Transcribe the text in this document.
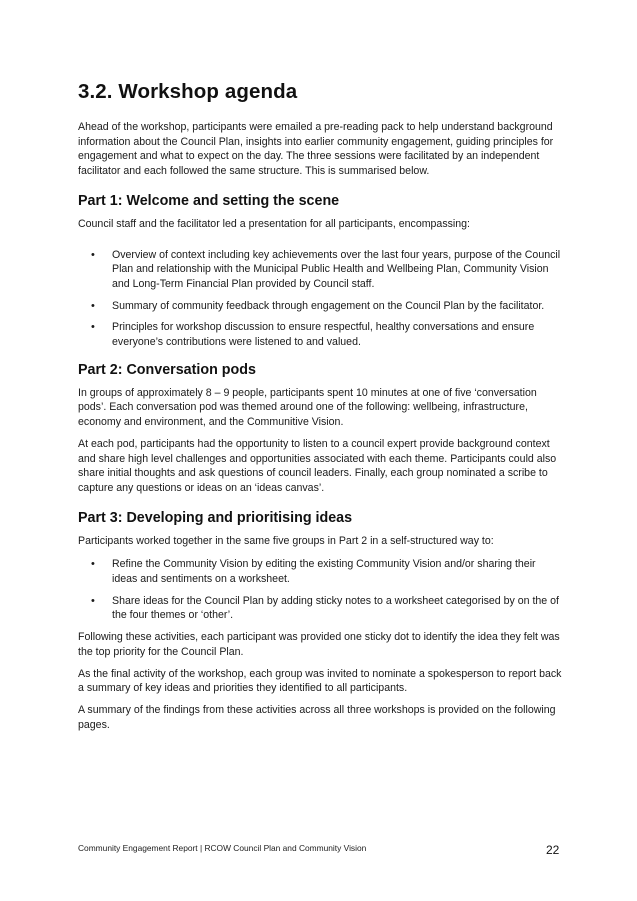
3.2. Workshop agenda

Ahead of the workshop, participants were emailed a pre-reading pack to help understand background information about the Council Plan, insights into earlier community engagement, guiding principles for engagement and what to expect on the day. The three sessions were facilitated by an independent facilitator and each followed the same structure. This is summarised below.

Part 1: Welcome and setting the scene

Council staff and the facilitator led a presentation for all participants, encompassing:

• Overview of context including key achievements over the last four years, purpose of the Council Plan and relationship with the Municipal Public Health and Wellbeing Plan, Community Vision and Long-Term Financial Plan provided by Council staff.
• Summary of community feedback through engagement on the Council Plan by the facilitator.
• Principles for workshop discussion to ensure respectful, healthy conversations and ensure everyone’s contributions were listened to and valued.
Part 2: Conversation pods

In groups of approximately 8 – 9 people, participants spent 10 minutes at one of five ‘conversation pods’. Each conversation pod was themed around one of the following: wellbeing, infrastructure, economy and environment, and the Communitive Vision.

At each pod, participants had the opportunity to listen to a council expert provide background context and share high level challenges and opportunities associated with each theme. Participants could also share initial thoughts and ask questions of council leaders. Finally, each group nominated a scribe to capture any questions or ideas on an ‘ideas canvas’.

Part 3: Developing and prioritising ideas

Participants worked together in the same five groups in Part 2 in a self-structured way to:

• Refine the Community Vision by editing the existing Community Vision and/or sharing their ideas and sentiments on a worksheet.
• Share ideas for the Council Plan by adding sticky notes to a worksheet categorised by on the of the four themes or ‘other’.

Following these activities, each participant was provided one sticky dot to identify the idea they felt was the top priority for the Council Plan.

As the final activity of the workshop, each group was invited to nominate a spokesperson to report back a summary of key ideas and priorities they identified to all participants.

A summary of the findings from these activities across all three workshops is provided on the following pages.

Community Engagement Report | RCOW Council Plan and Community Vision	22
